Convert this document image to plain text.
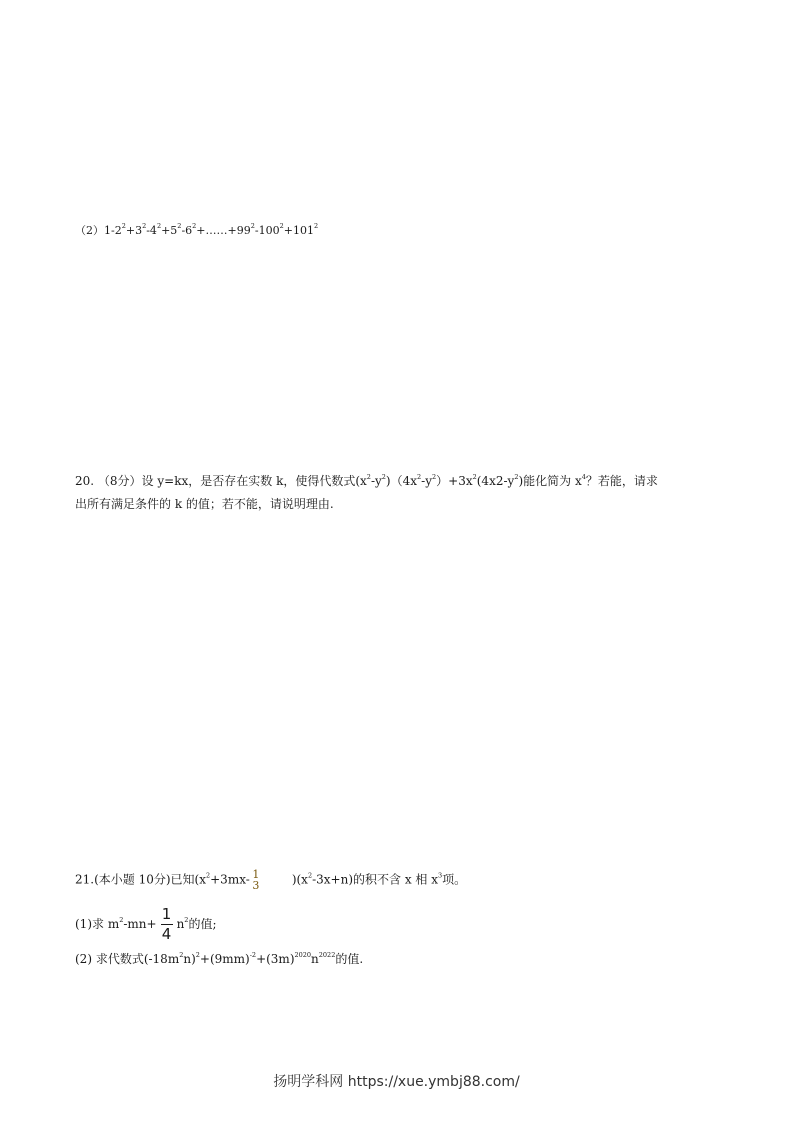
$(2)1-2^2+3^2-4^2+5^2-6^2+\dots\dots+99^2-100^2+101^2$
20. （8分）设 y=kx，是否存在实数 k，使得代数式$(x^2-y^2)(4x^2-y^2)+3x^2(4x2-y^2)$能化简为 $x^4$？若能，请求
出所有满足条件的 k 的值；若不能，请说明理由.
21.(本小题 10分)已知($x^2+3mx-$ 1
3	)$(x^2-3x+n)$的积不含 x 相 $x^3$项。
(1)求 $m^2-mn+ \frac{1}{4} n^2$的值;
(2) 求代数式$(-18m^2n)^2+(9mm)^{-2}+(3m)^{2020}n^{2022}$的值.
扬明学科网 https://xue.ymbj88.com/
